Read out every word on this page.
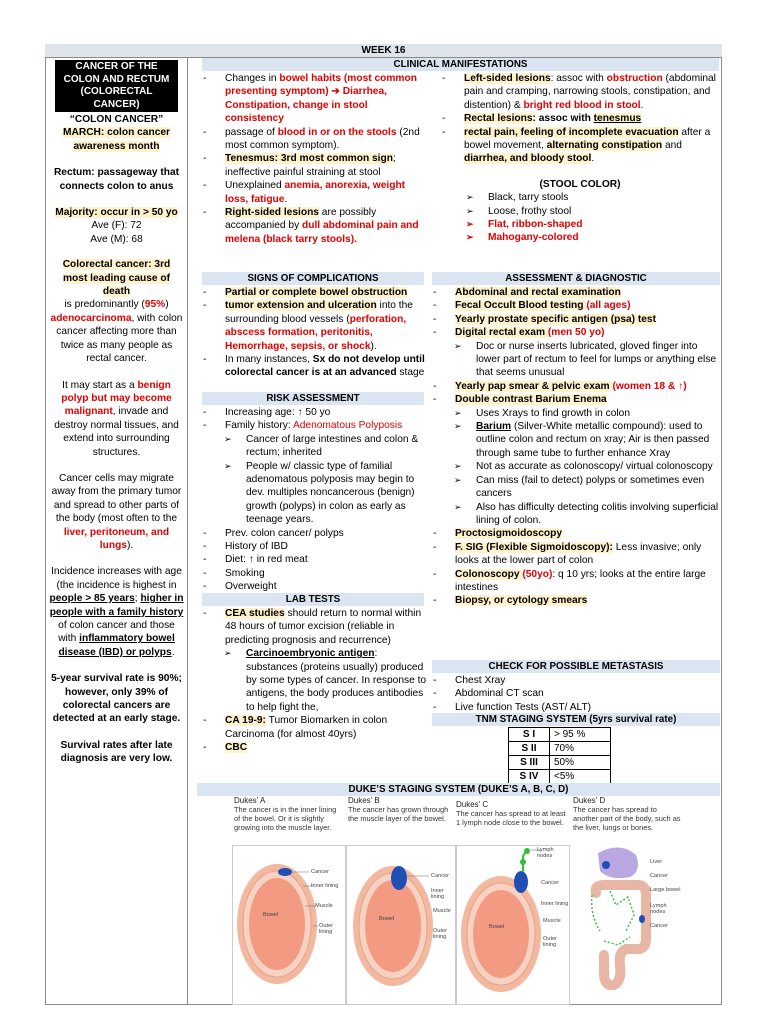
WEEK 16
CANCER OF THE COLON AND RECTUM (COLORECTAL CANCER)
“COLON CANCER”
MARCH: colon cancer awareness month
Rectum: passageway that connects colon to anus
Majority: occur in > 50 yo
Ave (F): 72
Ave (M): 68
Colorectal cancer: 3rd most leading cause of death
is predominantly (95%) adenocarcinoma, with colon cancer affecting more than twice as many people as rectal cancer.
It may start as a benign polyp but may become malignant, invade and destroy normal tissues, and extend into surrounding structures.
Cancer cells may migrate away from the primary tumor and spread to other parts of the body (most often to the liver, peritoneum, and lungs).
Incidence increases with age (the incidence is highest in people > 85 years; higher in people with a family history of colon cancer and those with inflammatory bowel disease (IBD) or polyps.
5-year survival rate is 90%; however, only 39% of colorectal cancers are detected at an early stage.
Survival rates after late diagnosis are very low.
CLINICAL MANIFESTATIONS
- Changes in bowel habits (most common presenting symptom) ➔ Diarrhea, Constipation, change in stool consistency
- passage of blood in or on the stools (2nd most common symptom).
- Tenesmus: 3rd most common sign; ineffective painful straining at stool
- Unexplained anemia, anorexia, weight loss, fatigue.
- Right-sided lesions are possibly accompanied by dull abdominal pain and melena (black tarry stools).
- Left-sided lesions: assoc with obstruction (abdominal pain and cramping, narrowing stools, constipation, and distention) & bright red blood in stool.
- Rectal lesions: assoc with tenesmus
- rectal pain, feeling of incomplete evacuation after a bowel movement, alternating constipation and diarrhea, and bloody stool.
(STOOL COLOR)
➢ Black, tarry stools
➢ Loose, frothy stool
➢ Flat, ribbon-shaped
➢ Mahogany-colored
SIGNS OF COMPLICATIONS
- Partial or complete bowel obstruction
- tumor extension and ulceration into the surrounding blood vessels (perforation, abscess formation, peritonitis, Hemorrhage, sepsis, or shock).
- In many instances, Sx do not develop until colorectal cancer is at an advanced stage
RISK ASSESSMENT
- Increasing age: ↑ 50 yo
- Family history: Adenomatous Polyposis
➢ Cancer of large intestines and colon & rectum; inherited
➢ People w/ classic type of familial adenomatous polyposis may begin to dev. multiples noncancerous (benign) growth (polyps) in colon as early as teenage years.
- Prev. colon cancer/ polyps
- History of IBD
- Diet: ↑ in red meat
- Smoking
- Overweight
LAB TESTS
- CEA studies should return to normal within 48 hours of tumor excision (reliable in predicting prognosis and recurrence)
➢ Carcinoembryonic antigen: substances (proteins usually) produced by some types of cancer. In response to antigens, the body produces antibodies to help fight the,
- CA 19-9: Tumor Biomarken in colon Carcinoma (for almost 40yrs)
- CBC
ASSESSMENT & DIAGNOSTIC
- Abdominal and rectal examination
- Fecal Occult Blood testing (all ages)
- Yearly prostate specific antigen (psa) test
- Digital rectal exam (men 50 yo)
➢ Doc or nurse inserts lubricated, gloved finger into lower part of rectum to feel for lumps or anything else that seems unusual
- Yearly pap smear & pelvic exam (women 18 & ↑)
- Double contrast Barium Enema
➢ Uses Xrays to find growth in colon
➢ Barium (Silver-White metallic compound): used to outline colon and rectum on xray; Air is then passed through same tube to further enhance Xray
➢ Not as accurate as colonoscopy/ virtual colonoscopy
➢ Can miss (fail to detect) polyps or sometimes even cancers
➢ Also has difficulty detecting colitis involving superficial lining of colon.
- Proctosigmoidoscopy
- F. SIG (Flexible Sigmoidoscopy): Less invasive; only looks at the lower part of colon
- Colonoscopy (50yo): q 10 yrs; looks at the entire large intestines
- Biopsy, or cytology smears
CHECK FOR POSSIBLE METASTASIS
- Chest Xray
- Abdominal CT scan
- Live function Tests (AST/ ALT)
TNM STAGING SYSTEM (5yrs survival rate)
S I	> 95 %
S II	70%
S III	50%
S IV	<5%
DUKE’S STAGING SYSTEM (DUKE’S A, B, C, D)
Dukes' A
The cancer is in the inner lining of the bowel. Or it is slightly growing into the muscle layer.
Dukes' B
The cancer has grown through the muscle layer of the bowel.
Dukes' C
The cancer has spread to at least 1 lymph node close to the bowel.
Dukes' D
The cancer has spread to another part of the body, such as the liver, lungs or bones.
Cancer
Inner lining
Muscle
Outer lining
Bowel
Cancer
Inner lining
Muscle
Outer lining
Bowel
Lymph nodes
Cancer
Inner lining
Muscle
Outer lining
Bowel
Liver
Cancer
Large bowel
Lymph nodes
Cancer
